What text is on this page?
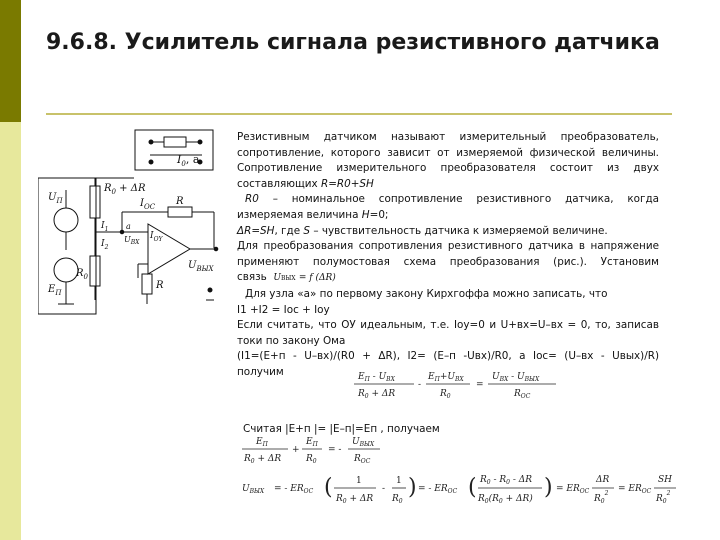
9.6.8. Усилитель сигнала резистивного датчика
$I_0$, a
$R_0 + \Delta R$
$U_П$
$E_П$
$I_1$
$I_2$
$R_0$
$I_{OC}$ R
$I_{OY}$
a
$U_{BX}$
R
$U_{ВЫХ}$

Резистивным датчиком называют измерительный преобразователь, сопротивление, которого зависит от измеряемой физической величины. Сопротивление измерительного преобразователя состоит из двух составляющих R=R0+SH

R0 – номинальное сопротивление резистивного датчика, когда измеряемая величина H=0;

ΔR=SH, где S – чувствительность датчика к измеряемой величине.

Для преобразования сопротивления резистивного датчика в напряжение применяют полумостовая схема преобразования (рис.). Установим связь UВЫХ = f (ΔR)

Для узла «а» по первому закону Кирхгоффа можно записать, что

I1 +I2 = Ioc + Ioy

Если считать, что ОУ идеальным, т.е. Ioy=0 и U+вх=U–вх = 0, то, записав токи по закону Ома

(I1=(E+п - U–вх)/(R0 + ΔR), I2= (E–п -Uвх)/R0, а Ioc= (U–вх - Uвых)/R) получим	$E_П - U_{ВХ}$
$R_0 + \Delta R$
-
$E_П+U_{ВХ}$
$R_0$
=
$U_{ВХ} - U_{ВЫХ}$
$R_{OC}$
Считая |E+п |= |E–п|=Eп , получаем
$E_П$
$R_0 + \Delta R$
+
$E_П$
$R_0$
= -
$U_{ВЫХ}$
$R_{OC}$
$U_{ВЫХ}$ = - $ER_{OC}$ (	1
$R_0 + \Delta R$
-
1
$R_0$
) = - $ER_{OC}$ ( $R_0 - R_0$ - ΔR
$R_0(R_0 + \Delta R)$ ) = $ER_{OC}$
ΔR
$R_0^2 = ER_{OC}$
SH
$R_0^2$
